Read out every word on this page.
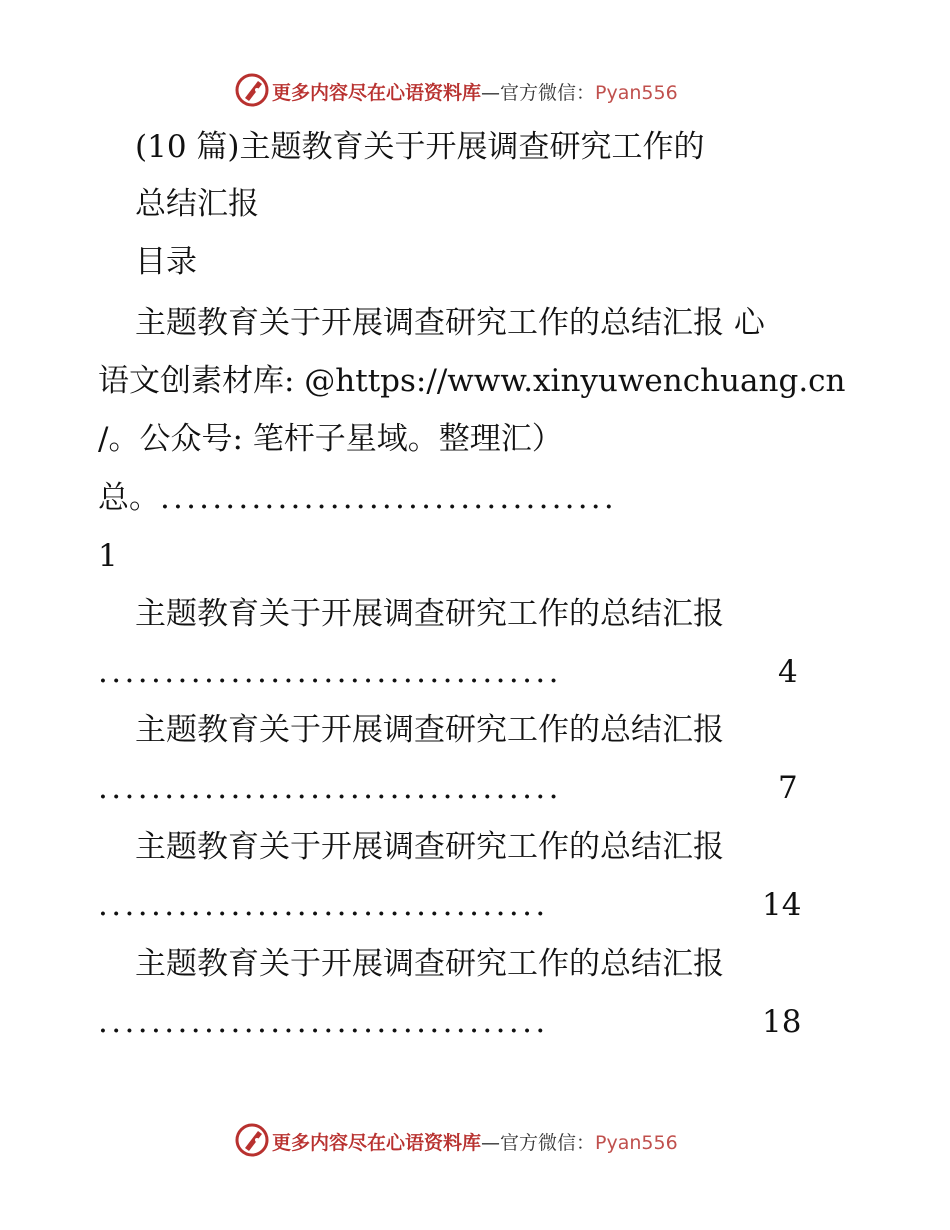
更多内容尽在心语资料库—官方微信：Pyan556
(10 篇)主题教育关于开展调查研究工作的
总结汇报
目录
主题教育关于开展调查研究工作的总结汇报 心
语文创素材库: @https://www.xinyuwenchuang.cn
/。公众号: 笔杆子星域。整理汇）
总。...................................
1
主题教育关于开展调查研究工作的总结汇报
...................................	4
主题教育关于开展调查研究工作的总结汇报
...................................	7
主题教育关于开展调查研究工作的总结汇报
..................................	14
主题教育关于开展调查研究工作的总结汇报
..................................	18
更多内容尽在心语资料库—官方微信：Pyan556
